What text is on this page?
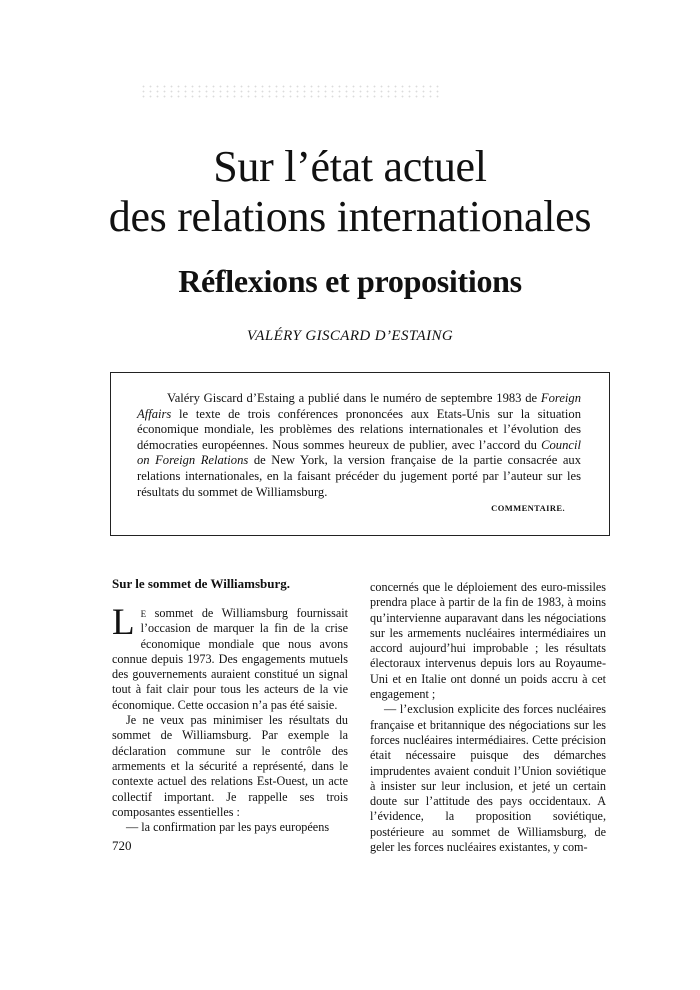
Sur l’état actuel
des relations internationales
Réflexions et propositions
VALÉRY GISCARD D’ESTAING
Valéry Giscard d’Estaing a publié dans le numéro de septembre 1983 de Foreign Affairs le texte de trois conférences prononcées aux Etats-Unis sur la situation économique mondiale, les problèmes des relations internationales et l’évolution des démocraties européennes. Nous sommes heureux de publier, avec l’accord du Council on Foreign Relations de New York, la version française de la partie consacrée aux relations internationales, en la faisant précéder du jugement porté par l’auteur sur les résultats du sommet de Williamsburg.
COMMENTAIRE.
Sur le sommet de Williamsburg.

Le sommet de Williamsburg fournissait l’occasion de marquer la fin de la crise économique mondiale que nous avons connue depuis 1973. Des engagements mutuels des gouvernements auraient constitué un signal tout à fait clair pour tous les acteurs de la vie économique. Cette occasion n’a pas été saisie.

Je ne veux pas minimiser les résultats du sommet de Williamsburg. Par exemple la déclaration commune sur le contrôle des armements et la sécurité a représenté, dans le contexte actuel des relations Est-Ouest, un acte collectif important. Je rappelle ses trois composantes essentielles :

— la confirmation par les pays européens

concernés que le déploiement des euro-missiles prendra place à partir de la fin de 1983, à moins qu’intervienne auparavant dans les négociations sur les armements nucléaires intermédiaires un accord aujourd’hui improbable ; les résultats électoraux intervenus depuis lors au Royaume-Uni et en Italie ont donné un poids accru à cet engagement ;

— l’exclusion explicite des forces nucléaires française et britannique des négociations sur les forces nucléaires intermédiaires. Cette précision était nécessaire puisque des démarches imprudentes avaient conduit l’Union soviétique à insister sur leur inclusion, et jeté un certain doute sur l’attitude des pays occidentaux. A l’évidence, la proposition soviétique, postérieure au sommet de Williamsburg, de geler les forces nucléaires existantes, y com-

720
